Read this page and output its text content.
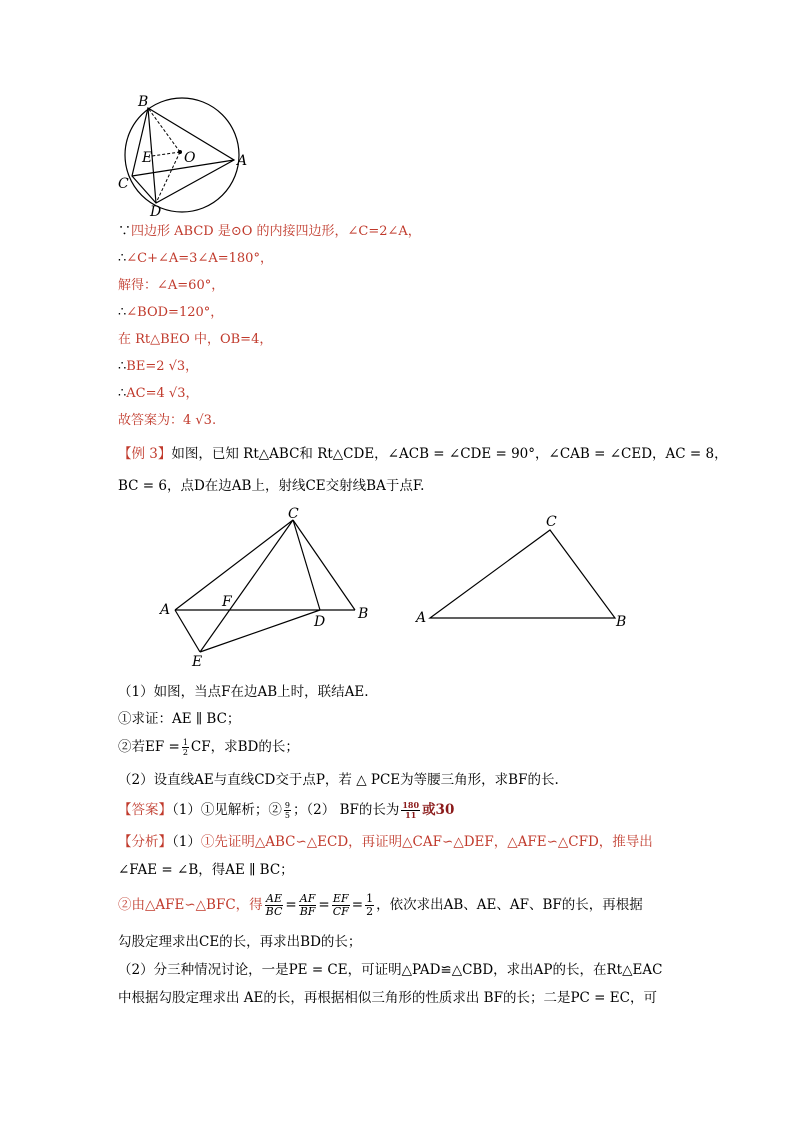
B
E O	A
C
D
∵四边形 ABCD 是⊙O 的内接四边形，∠C=2∠A，
∴∠C+∠A=3∠A=180°，
解得：∠A=60°，
∴∠BOD=120°，
在 Rt△BEO 中，OB=4，
∴BE=2 √3，
∴AC=4 √3，
故答案为：4 √3.
【例 3】如图，已知 Rt△ABC和 Rt△CDE，∠ACB = ∠CDE = 90°，∠CAB = ∠CED，AC = 8，
BC = 6，点D在边AB上，射线CE交射线BA于点F.
C
A	F
D B
E
C
A	B
（1）如图，当点F在边AB上时，联结AE.
①求证：AE ∥ BC；
②若EF = $\frac{1}{2}$ CF，求BD的长；
（2）设直线AE与直线CD交于点P，若 △ PCE为等腰三角形，求BF的长.
【答案】（1）①见解析；② $\frac{9}{5}$ ；（2） BF的长为 $\frac{180}{11}$ 或30
【分析】（1）①先证明△ABC∽△ECD，再证明△CAF∽△DEF，△AFE∽△CFD，推导出
∠FAE = ∠B，得AE ∥ BC；
②由△AFE∽△BFC，得 $\frac{AE}{BC} = \frac{AF}{BF} = \frac{EF}{CF} = \frac{1}{2}$ ，依次求出AB、AE、AF、BF的长，再根据
勾股定理求出CE的长，再求出BD的长；
（2）分三种情况讨论，一是PE = CE，可证明△PAD≌△CBD，求出AP的长，在Rt△EAC
中根据勾股定理求出 AE的长，再根据相似三角形的性质求出 BF的长；二是PC = EC，可
